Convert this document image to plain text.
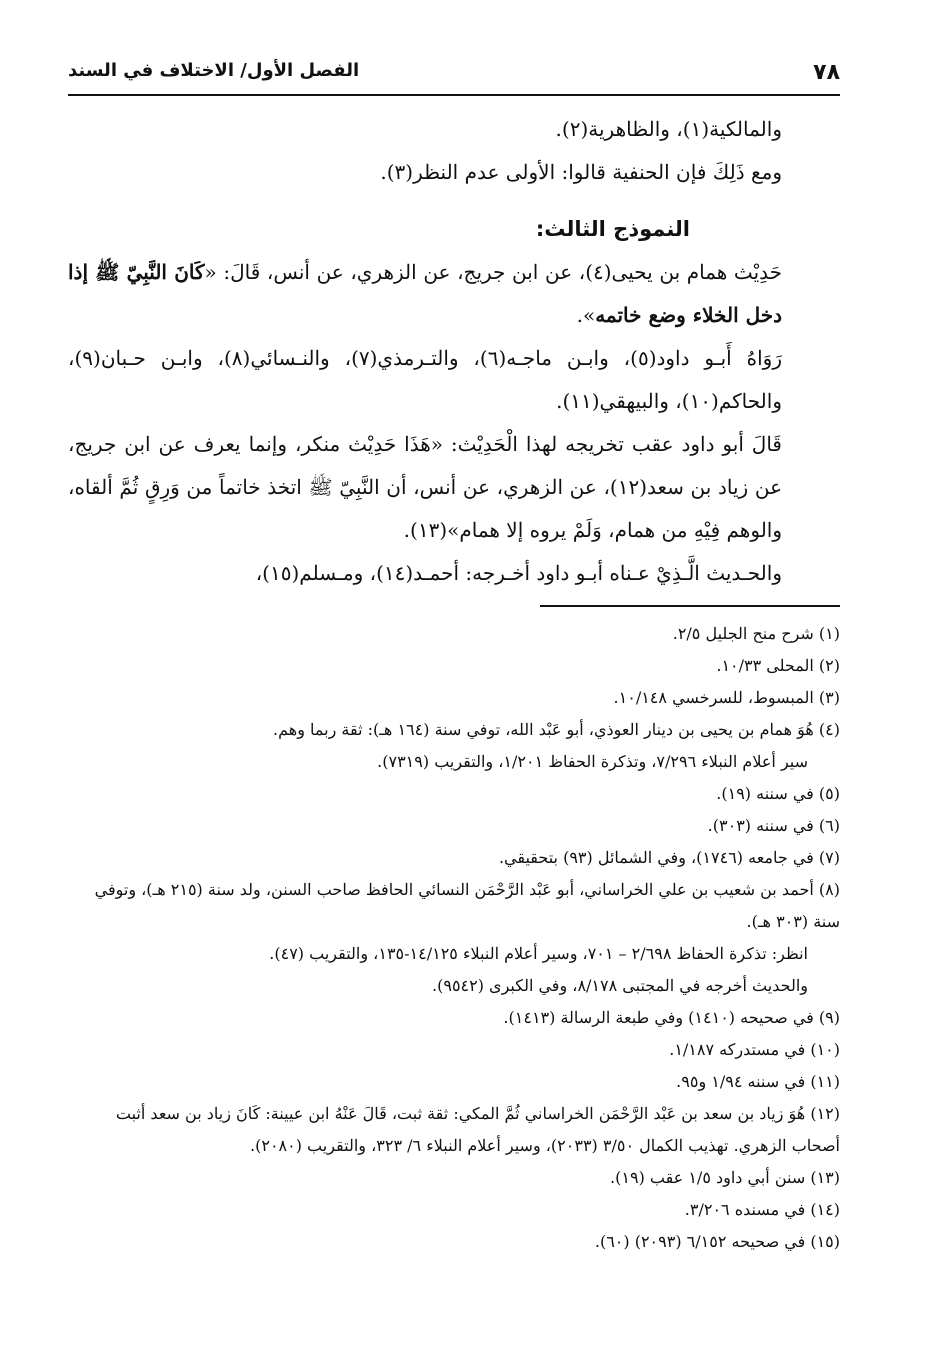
٧٨
الفصل الأول/ الاختلاف في السند

والمالكية(١)، والظاهرية(٢).

ومع ذَلِكَ فإن الحنفية قالوا: الأولى عدم النظر(٣).

النموذج الثالث:

حَدِيْث همام بن يحيى(٤)، عن ابن جريج، عن الزهري، عن أنس، قَالَ: «كَانَ النَّبِيّ ﷺ إذا دخل الخلاء وضع خاتمه».

رَوَاهُ أَبـو داود(٥)، وابـن ماجـه(٦)، والتـرمذي(٧)، والنـسائي(٨)، وابـن حـبان(٩)، والحاكم(١٠)، والبيهقي(١١).

قَالَ أبو داود عقب تخريجه لهذا الْحَدِيْث: «هَذَا حَدِيْث منكر، وإنما يعرف عن ابن جريج، عن زياد بن سعد(١٢)، عن الزهري، عن أنس، أن النَّبِيّ ﷺ اتخذ خاتماً من وَرِقٍ ثُمَّ ألقاه، والوهم فِيْهِ من همام، وَلَمْ يروه إلا همام»(١٣).

والحـديث الَّـذِيْ عـناه أبـو داود أخـرجه: أحمـد(١٤)، ومـسلم(١٥)،

(١) شرح منح الجليل ٢/٥.

(٢) المحلى ١٠/٣٣.

(٣) المبسوط، للسرخسي ١٠/١٤٨.

(٤) هُوَ همام بن يحيى بن دينار العوذي، أبو عَبْد الله، توفي سنة (١٦٤ هـ): ثقة ربما وهم.
سير أعلام النبلاء ٧/٢٩٦، وتذكرة الحفاظ ١/٢٠١، والتقريب (٧٣١٩).

(٥) في سننه (١٩).

(٦) في سننه (٣٠٣).

(٧) في جامعه (١٧٤٦)، وفي الشمائل (٩٣) بتحقيقي.

(٨) أحمد بن شعيب بن علي الخراساني، أبو عَبْد الرَّحْمَن النسائي الحافظ صاحب السنن، ولد سنة (٢١٥ هـ)، وتوفي سنة (٣٠٣ هـ).
انظر: تذكرة الحفاظ ٢/٦٩٨ – ٧٠١، وسير أعلام النبلاء ١٤/١٢٥-١٣٥، والتقريب (٤٧).
والحديث أخرجه في المجتبى ٨/١٧٨، وفي الكبرى (٩٥٤٢).

(٩) في صحيحه (١٤١٠) وفي طبعة الرسالة (١٤١٣).

(١٠) في مستدركه ١/١٨٧.

(١١) في سننه ١/٩٤ و٩٥.

(١٢) هُوَ زياد بن سعد بن عَبْد الرَّحْمَن الخراساني ثُمَّ المكي: ثقة ثبت، قَالَ عَنْهُ ابن عيينة: كَانَ زياد بن سعد أثبت أصحاب الزهري. تهذيب الكمال ٣/٥٠ (٢٠٣٣)، وسير أعلام النبلاء ٦/ ٣٢٣، والتقريب (٢٠٨٠).

(١٣) سنن أبي داود ١/٥ عقب (١٩).

(١٤) في مسنده ٣/٢٠٦.

(١٥) في صحيحه ٦/١٥٢ (٢٠٩٣) (٦٠).
